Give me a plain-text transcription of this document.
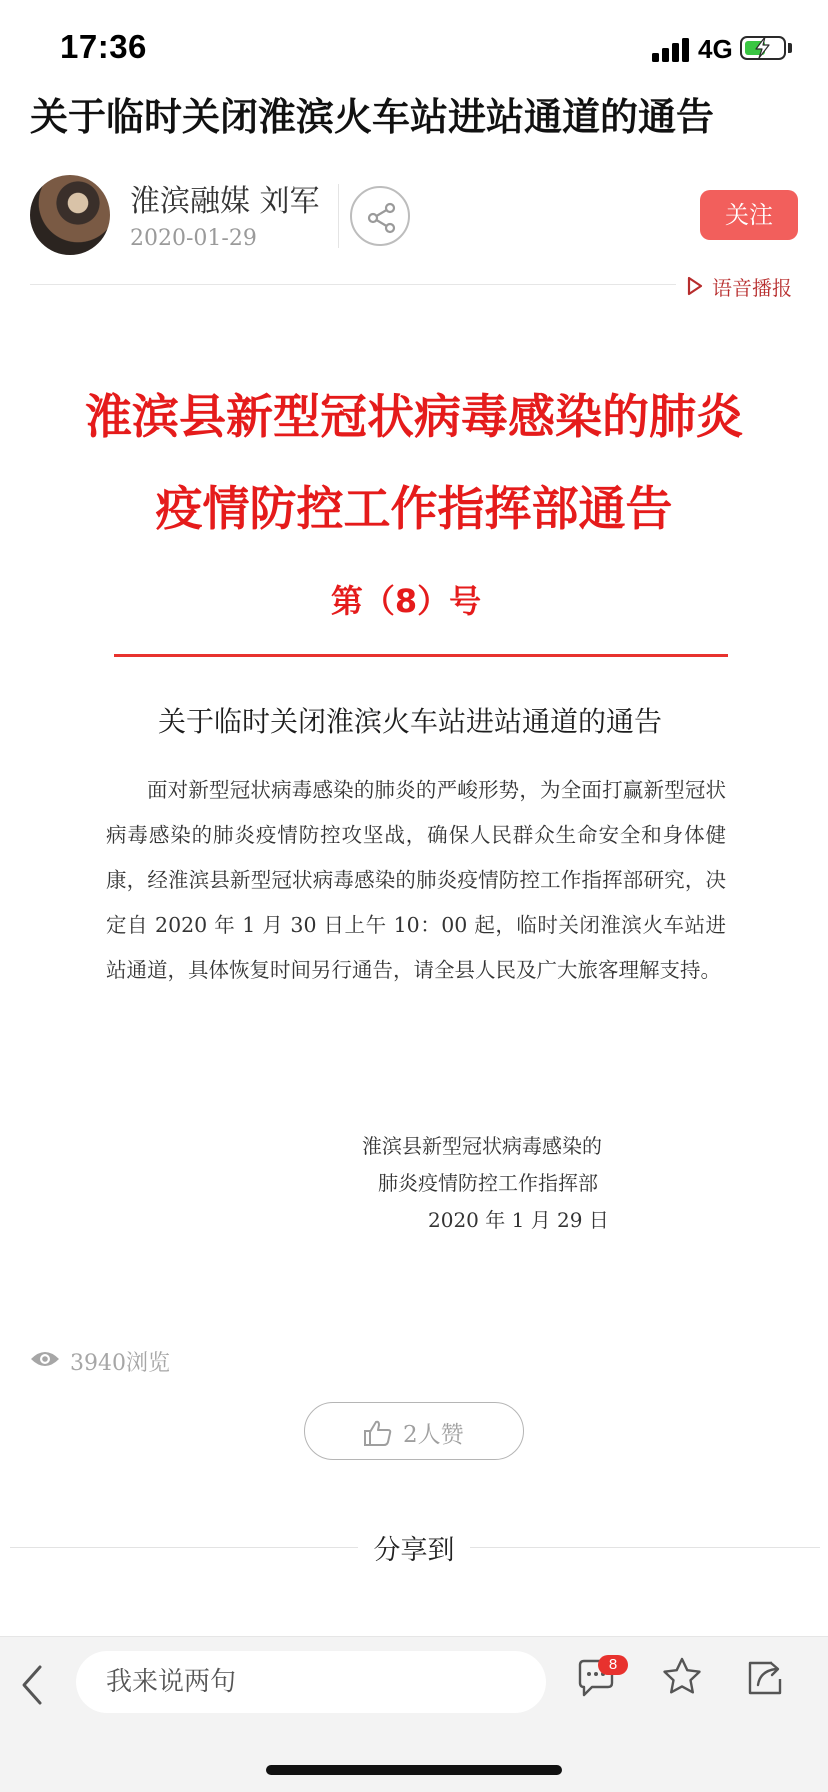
17:36	4G
关于临时关闭淮滨火车站进站通道的通告
淮滨融媒 刘军
2020-01-29
关注
语音播报
淮滨县新型冠状病毒感染的肺炎
疫情防控工作指挥部通告
第（8）号
关于临时关闭淮滨火车站进站通道的通告

面对新型冠状病毒感染的肺炎的严峻形势，为全面打赢新型冠状病毒感染的肺炎疫情防控攻坚战，确保人民群众生命安全和身体健康，经淮滨县新型冠状病毒感染的肺炎疫情防控工作指挥部研究，决定自 2020 年 1 月 30 日上午 10：00 起，临时关闭淮滨火车站进站通道，具体恢复时间另行通告，请全县人民及广大旅客理解支持。

淮滨县新型冠状病毒感染的
肺炎疫情防控工作指挥部
2020 年 1 月 29 日
3940浏览
2人赞
分享到
我来说两句
8
